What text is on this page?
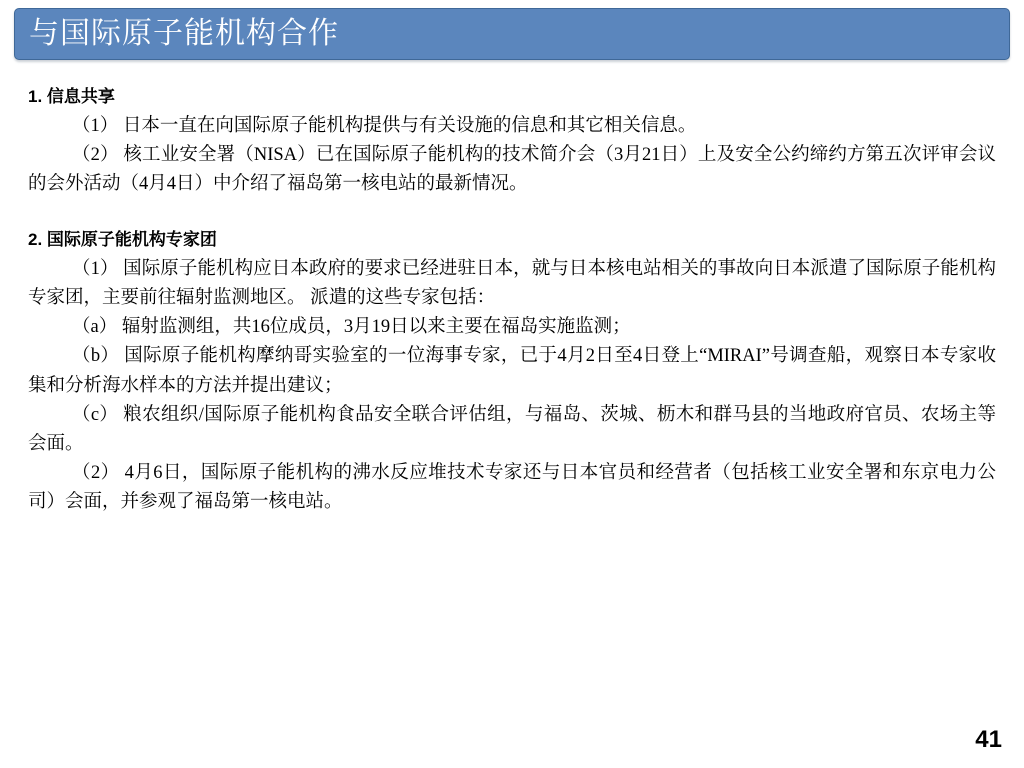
与国际原子能机构合作

1. 信息共享

（1） 日本一直在向国际原子能机构提供与有关设施的信息和其它相关信息。

（2） 核工业安全署（NISA）已在国际原子能机构的技术简介会（3月21日）上及安全公约缔约方第五次评审会议的会外活动（4月4日）中介绍了福岛第一核电站的最新情况。

2. 国际原子能机构专家团

（1） 国际原子能机构应日本政府的要求已经进驻日本，就与日本核电站相关的事故向日本派遣了国际原子能机构专家团，主要前往辐射监测地区。 派遣的这些专家包括：

（a） 辐射监测组，共16位成员，3月19日以来主要在福岛实施监测；

（b） 国际原子能机构摩纳哥实验室的一位海事专家，已于4月2日至4日登上“MIRAI”号调查船，观察日本专家收集和分析海水样本的方法并提出建议；

（c） 粮农组织/国际原子能机构食品安全联合评估组，与福岛、茨城、枥木和群马县的当地政府官员、农场主等会面。

（2） 4月6日，国际原子能机构的沸水反应堆技术专家还与日本官员和经营者（包括核工业安全署和东京电力公司）会面，并参观了福岛第一核电站。

41
